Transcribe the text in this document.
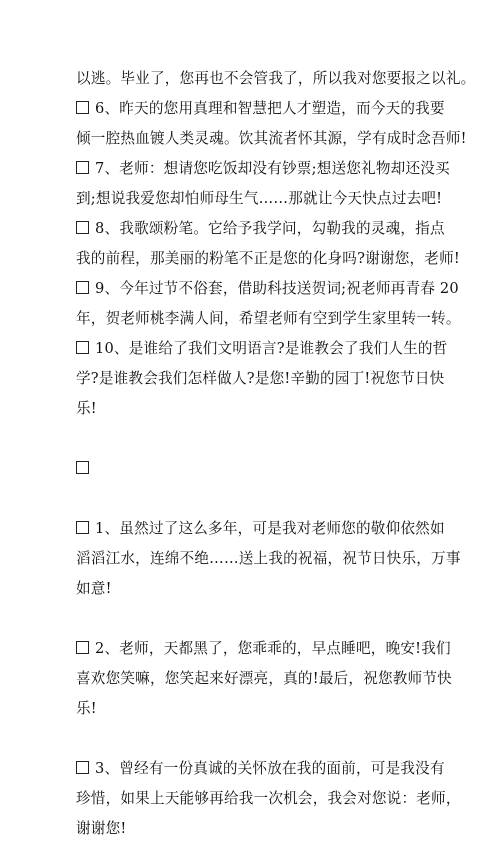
以逃。毕业了，您再也不会管我了，所以我对您要报之以礼。
6、昨天的您用真理和智慧把人才塑造，而今天的我要
倾一腔热血镀人类灵魂。饮其流者怀其源，学有成时念吾师!
7、老师：想请您吃饭却没有钞票;想送您礼物却还没买
到;想说我爱您却怕师母生气……那就让今天快点过去吧!
8、我歌颂粉笔。它给予我学问，勾勒我的灵魂，指点
我的前程，那美丽的粉笔不正是您的化身吗?谢谢您，老师!
9、今年过节不俗套，借助科技送贺词;祝老师再青春 20
年，贺老师桃李满人间，希望老师有空到学生家里转一转。
10、是谁给了我们文明语言?是谁教会了我们人生的哲
学?是谁教会我们怎样做人?是您!辛勤的园丁!祝您节日快
乐!
1、虽然过了这么多年，可是我对老师您的敬仰依然如
滔滔江水，连绵不绝……送上我的祝福，祝节日快乐，万事
如意!
2、老师，天都黑了，您乖乖的，早点睡吧，晚安!我们
喜欢您笑嘛，您笑起来好漂亮，真的!最后，祝您教师节快
乐!
3、曾经有一份真诚的关怀放在我的面前，可是我没有
珍惜，如果上天能够再给我一次机会，我会对您说：老师，
谢谢您!
